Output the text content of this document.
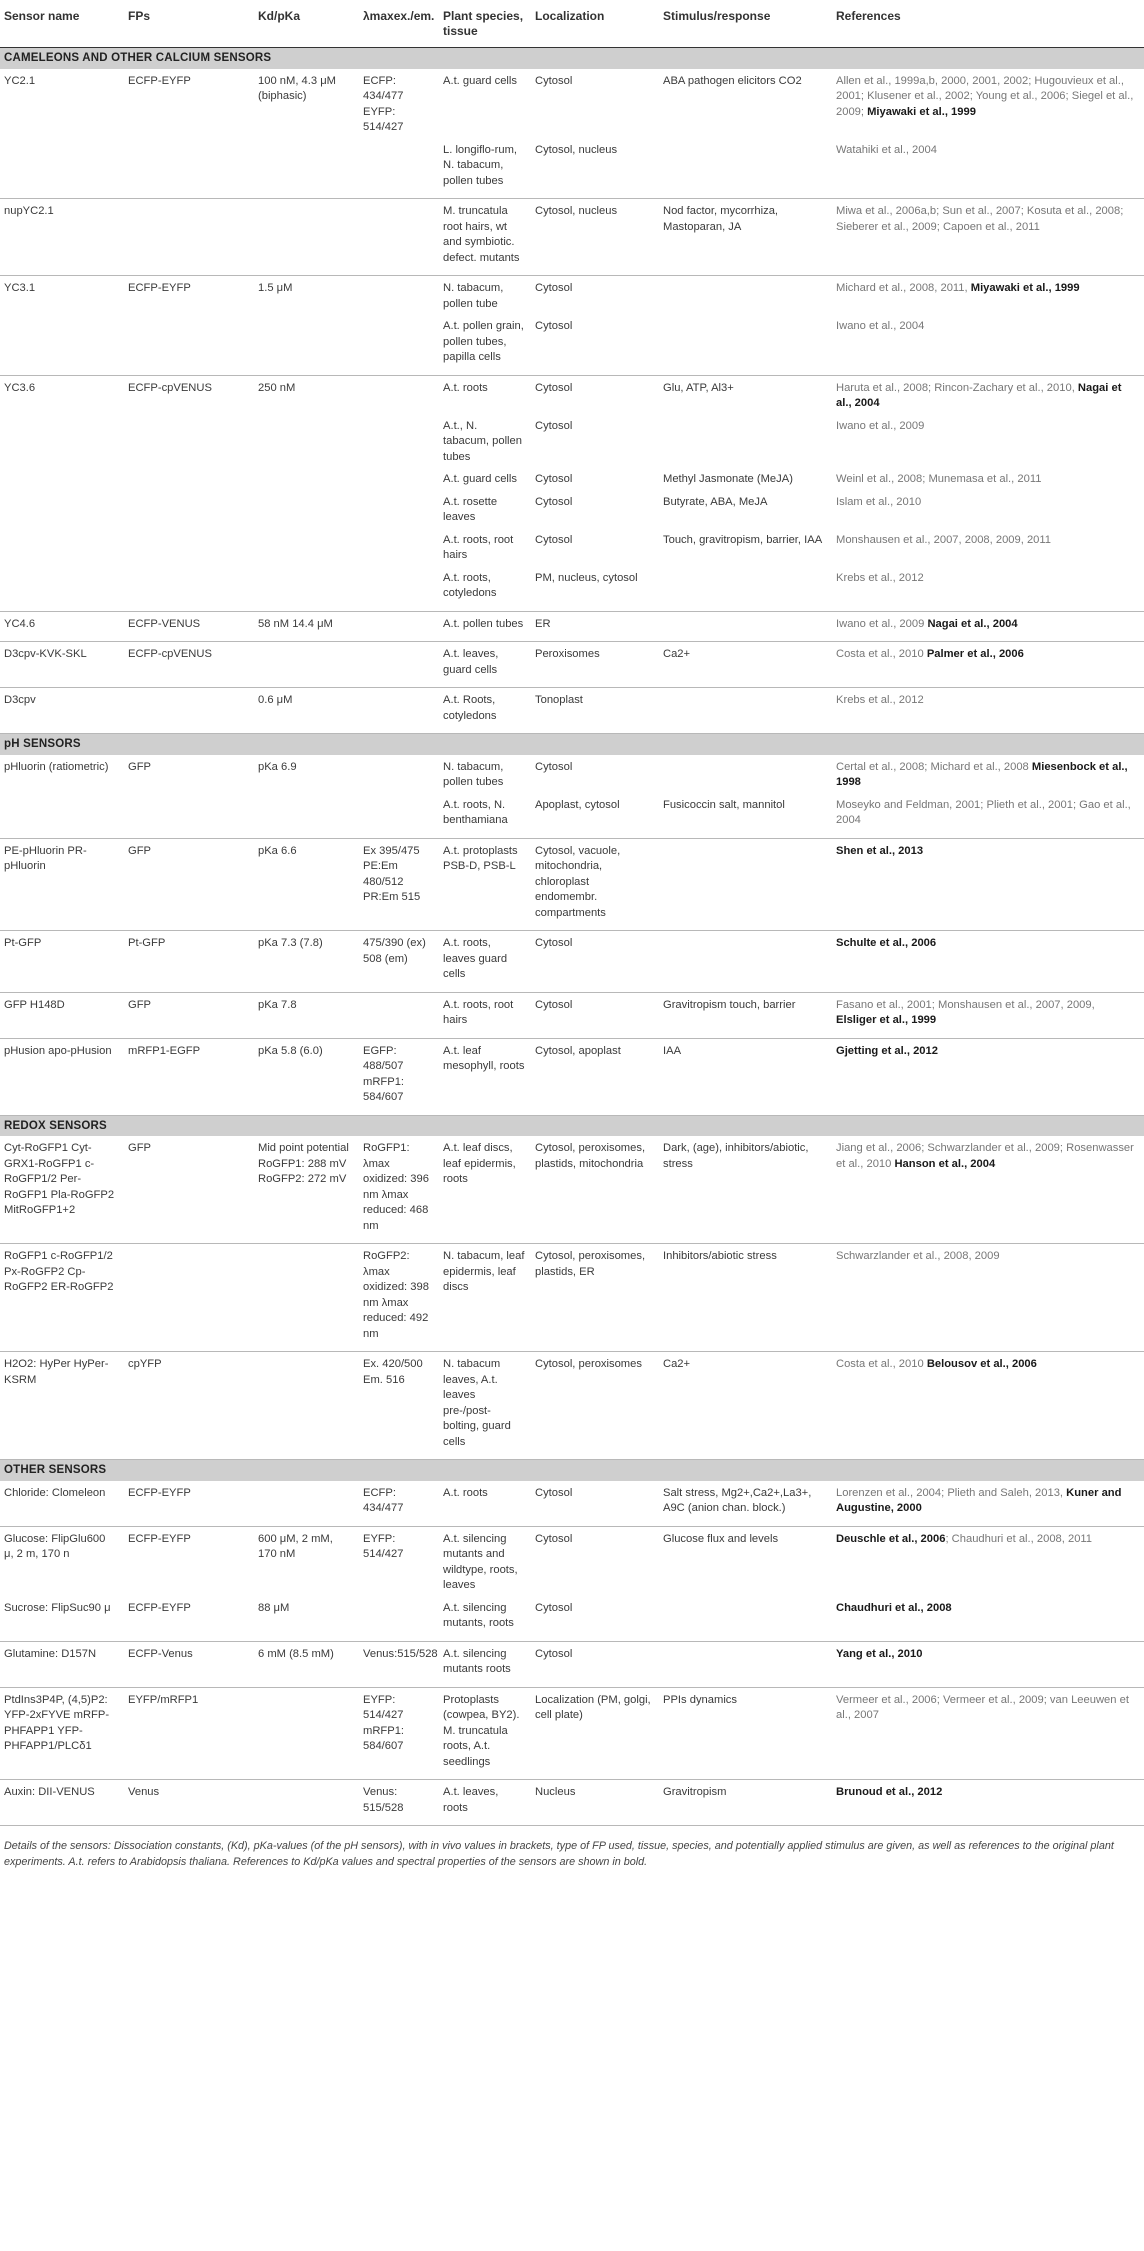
Sensor name	FPs	Kd/pKa	λmaxex./em.	Plant species, tissue	Localization	Stimulus/response	References
CAMELEONS AND OTHER CALCIUM SENSORS							
YC2.1	ECFP-EYFP	100 nM, 4.3 μM (biphasic)	ECFP: 434/477 EYFP: 514/427	A.t. guard cells	Cytosol	ABA pathogen elicitors CO2	Allen et al., 1999a,b, 2000, 2001, 2002; Hugouvieux et al., 2001; Klusener et al., 2002; Young et al., 2006; Siegel et al., 2009; Miyawaki et al., 1999
				L. longiflo-rum, N. tabacum, pollen tubes	Cytosol, nucleus		Watahiki et al., 2004
nupYC2.1				M. truncatula root hairs, wt and symbiotic. defect. mutants	Cytosol, nucleus	Nod factor, mycorrhiza, Mastoparan, JA	Miwa et al., 2006a,b; Sun et al., 2007; Kosuta et al., 2008; Sieberer et al., 2009; Capoen et al., 2011
YC3.1	ECFP-EYFP	1.5 μM		N. tabacum, pollen tube	Cytosol		Michard et al., 2008, 2011, Miyawaki et al., 1999
				A.t. pollen grain, pollen tubes, papilla cells	Cytosol		Iwano et al., 2004
YC3.6	ECFP-cpVENUS	250 nM		A.t. roots	Cytosol	Glu, ATP, Al3+	Haruta et al., 2008; Rincon-Zachary et al., 2010, Nagai et al., 2004
				A.t., N. tabacum, pollen tubes	Cytosol		Iwano et al., 2009
				A.t. guard cells	Cytosol	Methyl Jasmonate (MeJA)	Weinl et al., 2008; Munemasa et al., 2011
				A.t. rosette leaves	Cytosol	Butyrate, ABA, MeJA	Islam et al., 2010
				A.t. roots, root hairs	Cytosol	Touch, gravitropism, barrier, IAA	Monshausen et al., 2007, 2008, 2009, 2011
				A.t. roots, cotyledons	PM, nucleus, cytosol		Krebs et al., 2012
YC4.6	ECFP-VENUS	58 nM 14.4 μM		A.t. pollen tubes	ER		Iwano et al., 2009 Nagai et al., 2004
D3cpv-KVK-SKL	ECFP-cpVENUS			A.t. leaves, guard cells	Peroxisomes	Ca2+	Costa et al., 2010 Palmer et al., 2006
D3cpv		0.6 μM		A.t. Roots, cotyledons	Tonoplast		Krebs et al., 2012
pH SENSORS							
pHluorin (ratiometric)	GFP	pKa 6.9		N. tabacum, pollen tubes	Cytosol		Certal et al., 2008; Michard et al., 2008 Miesenbock et al., 1998
				A.t. roots, N. benthamiana	Apoplast, cytosol	Fusicoccin salt, mannitol	Moseyko and Feldman, 2001; Plieth et al., 2001; Gao et al., 2004
PE-pHluorin PR-pHluorin	GFP	pKa 6.6	Ex 395/475 PE:Em 480/512 PR:Em 515	A.t. protoplasts PSB-D, PSB-L	Cytosol, vacuole, mitochondria, chloroplast endomembr. compartments		Shen et al., 2013
Pt-GFP	Pt-GFP	pKa 7.3 (7.8)	475/390 (ex) 508 (em)	A.t. roots, leaves guard cells	Cytosol		Schulte et al., 2006
GFP H148D	GFP	pKa 7.8		A.t. roots, root hairs	Cytosol	Gravitropism touch, barrier	Fasano et al., 2001; Monshausen et al., 2007, 2009, Elsliger et al., 1999
pHusion apo-pHusion	mRFP1-EGFP	pKa 5.8 (6.0)	EGFP: 488/507 mRFP1: 584/607	A.t. leaf mesophyll, roots	Cytosol, apoplast	IAA	Gjetting et al., 2012
REDOX SENSORS							
Cyt-RoGFP1 Cyt-GRX1-RoGFP1 c-RoGFP1/2 Per-RoGFP1 Pla-RoGFP2 MitRoGFP1+2	GFP	Mid point potential RoGFP1: 288 mV RoGFP2: 272 mV	RoGFP1: λmax oxidized: 396 nm λmax reduced: 468 nm	A.t. leaf discs, leaf epidermis, roots	Cytosol, peroxisomes, plastids, mitochondria	Dark, (age), inhibitors/abiotic, stress	Jiang et al., 2006; Schwarzlander et al., 2009; Rosenwasser et al., 2010 Hanson et al., 2004
RoGFP1 c-RoGFP1/2 Px-RoGFP2 Cp-RoGFP2 ER-RoGFP2			RoGFP2: λmax oxidized: 398 nm λmax reduced: 492 nm	N. tabacum, leaf epidermis, leaf discs	Cytosol, peroxisomes, plastids, ER	Inhibitors/abiotic stress	Schwarzlander et al., 2008, 2009
H2O2: HyPer HyPer-KSRM	cpYFP		Ex. 420/500 Em. 516	N. tabacum leaves, A.t. leaves pre-/post-bolting, guard cells	Cytosol, peroxisomes	Ca2+	Costa et al., 2010 Belousov et al., 2006
OTHER SENSORS							
Chloride: Clomeleon	ECFP-EYFP		ECFP: 434/477	A.t. roots	Cytosol	Salt stress, Mg2+,Ca2+,La3+, A9C (anion chan. block.)	Lorenzen et al., 2004; Plieth and Saleh, 2013, Kuner and Augustine, 2000
Glucose: FlipGlu600 μ, 2 m, 170 n	ECFP-EYFP	600 μM, 2 mM, 170 nM	EYFP: 514/427	A.t. silencing mutants and wildtype, roots, leaves	Cytosol	Glucose flux and levels	Deuschle et al., 2006; Chaudhuri et al., 2008, 2011
Sucrose: FlipSuc90 μ	ECFP-EYFP	88 μM		A.t. silencing mutants, roots	Cytosol		Chaudhuri et al., 2008
Glutamine: D157N	ECFP-Venus	6 mM (8.5 mM)	Venus:515/528	A.t. silencing mutants roots	Cytosol		Yang et al., 2010
PtdIns3P4P, (4,5)P2: YFP-2xFYVE mRFP-PHFAPP1 YFP-PHFAPP1/PLCδ1	EYFP/mRFP1		EYFP: 514/427 mRFP1: 584/607	Protoplasts (cowpea, BY2). M. truncatula roots, A.t. seedlings	Localization (PM, golgi, cell plate)	PPIs dynamics	Vermeer et al., 2006; Vermeer et al., 2009; van Leeuwen et al., 2007
Auxin: DII-VENUS	Venus		Venus: 515/528	A.t. leaves, roots	Nucleus	Gravitropism	Brunoud et al., 2012
Details of the sensors: Dissociation constants, (Kd), pKa-values (of the pH sensors), with in vivo values in brackets, type of FP used, tissue, species, and potentially applied stimulus are given, as well as references to the original plant experiments. A.t. refers to Arabidopsis thaliana. References to Kd/pKa values and spectral properties of the sensors are shown in bold.
